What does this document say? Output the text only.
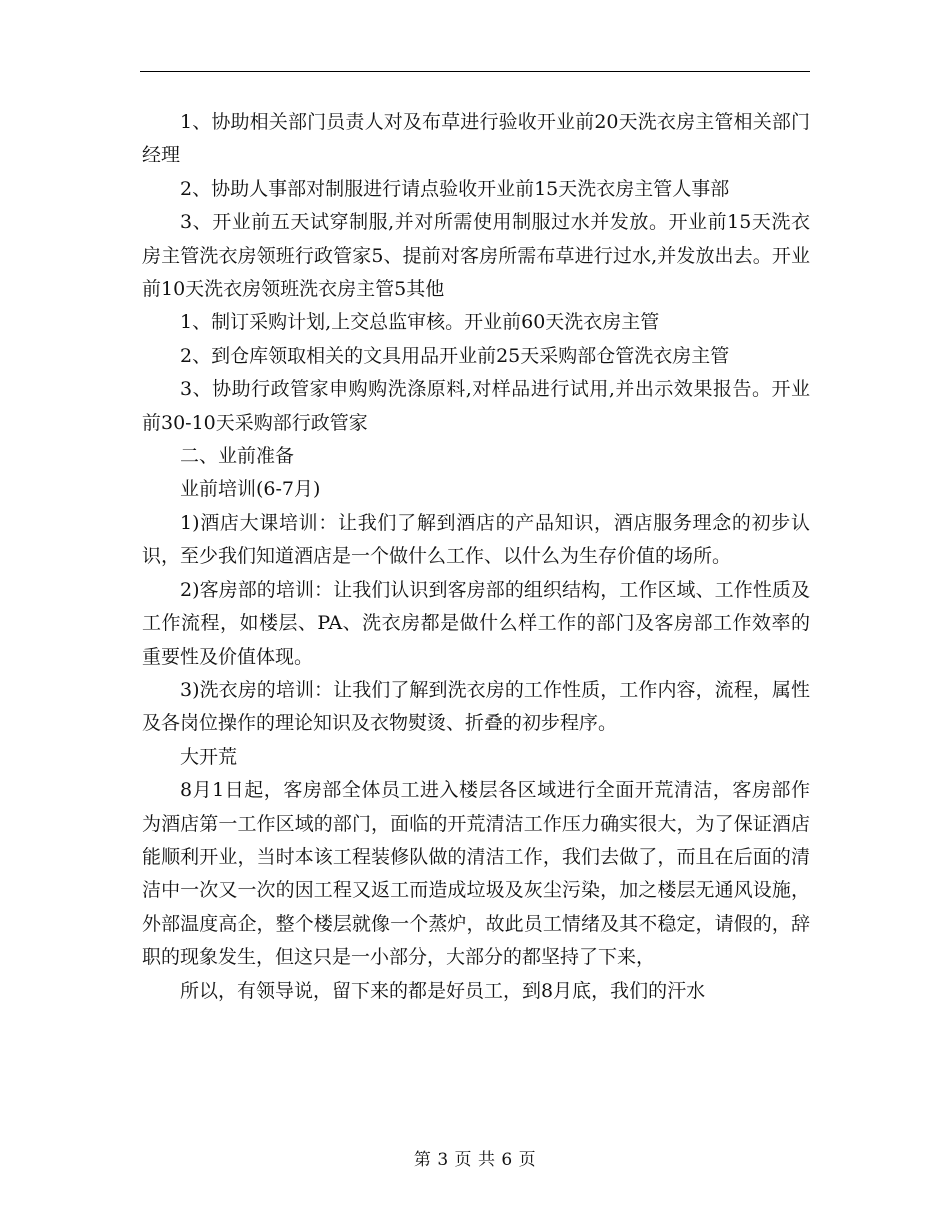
1、协助相关部门员责人对及布草进行验收开业前20天洗衣房主管相关部门经理

2、协助人事部对制服进行请点验收开业前15天洗衣房主管人事部

3、开业前五天试穿制服,并对所需使用制服过水并发放。开业前15天洗衣房主管洗衣房领班行政管家5、提前对客房所需布草进行过水,并发放出去。开业前10天洗衣房领班洗衣房主管5其他

1、制订采购计划,上交总监审核。开业前60天洗衣房主管

2、到仓库领取相关的文具用品开业前25天采购部仓管洗衣房主管

3、协助行政管家申购购洗涤原料,对样品进行试用,并出示效果报告。开业前30-10天采购部行政管家

二、业前准备

业前培训(6-7月)

1)酒店大课培训：让我们了解到酒店的产品知识，酒店服务理念的初步认识，至少我们知道酒店是一个做什么工作、以什么为生存价值的场所。

2)客房部的培训：让我们认识到客房部的组织结构，工作区域、工作性质及工作流程，如楼层、PA、洗衣房都是做什么样工作的部门及客房部工作效率的重要性及价值体现。

3)洗衣房的培训：让我们了解到洗衣房的工作性质，工作内容，流程，属性及各岗位操作的理论知识及衣物熨烫、折叠的初步程序。

大开荒

8月1日起，客房部全体员工进入楼层各区域进行全面开荒清洁，客房部作为酒店第一工作区域的部门，面临的开荒清洁工作压力确实很大，为了保证酒店能顺利开业，当时本该工程装修队做的清洁工作，我们去做了，而且在后面的清洁中一次又一次的因工程又返工而造成垃圾及灰尘污染，加之楼层无通风设施，外部温度高企，整个楼层就像一个蒸炉，故此员工情绪及其不稳定，请假的，辞职的现象发生，但这只是一小部分，大部分的都坚持了下来，

所以，有领导说，留下来的都是好员工，到8月底，我们的汗水

第 3 页 共 6 页
